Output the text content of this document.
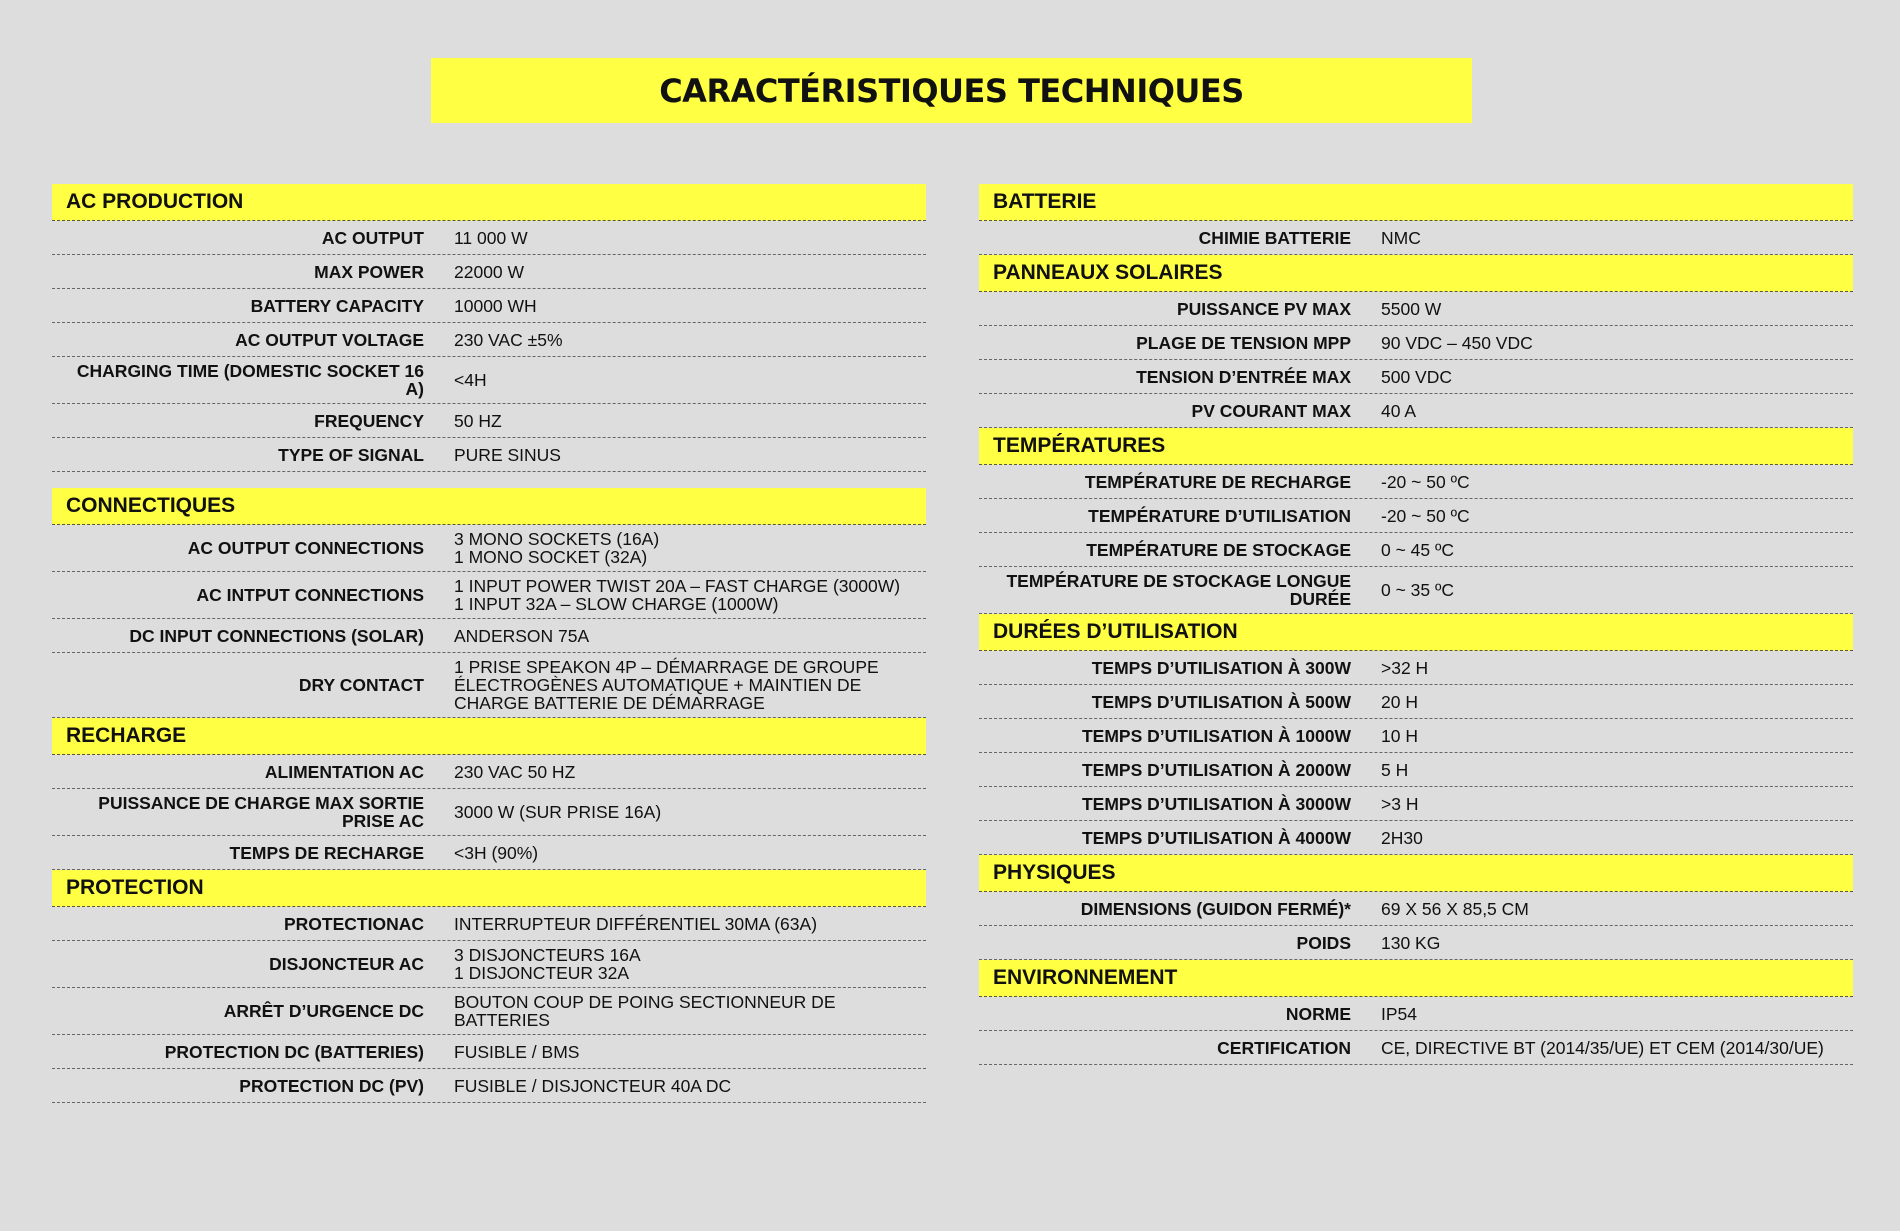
CARACTÉRISTIQUES TECHNIQUES
AC PRODUCTION
AC OUTPUT 11 000 W
MAX POWER 22000 W
BATTERY CAPACITY 10000 WH
AC OUTPUT VOLTAGE 230 VAC ±5%
CHARGING TIME (DOMESTIC SOCKET 16 A) <4H
FREQUENCY 50 HZ
TYPE OF SIGNAL PURE SINUS
CONNECTIQUES
AC OUTPUT CONNECTIONS 3 MONO SOCKETS (16A)
1 MONO SOCKET (32A)
AC INTPUT CONNECTIONS 1 INPUT POWER TWIST 20A – FAST CHARGE (3000W)
1 INPUT 32A – SLOW CHARGE (1000W)
DC INPUT CONNECTIONS (SOLAR) ANDERSON 75A
DRY CONTACT
1 PRISE SPEAKON 4P – DÉMARRAGE DE GROUPE ÉLECTROGÈNES AUTOMATIQUE + MAINTIEN DE CHARGE BATTERIE DE DÉMARRAGE
RECHARGE
ALIMENTATION AC 230 VAC 50 HZ
PUISSANCE DE CHARGE MAX SORTIE PRISE AC 3000 W (SUR PRISE 16A)
TEMPS DE RECHARGE <3H (90%)
PROTECTION
PROTECTIONAC INTERRUPTEUR DIFFÉRENTIEL 30MA (63A)
DISJONCTEUR AC 3 DISJONCTEURS 16A
1 DISJONCTEUR 32A
ARRÊT D’URGENCE DC BOUTON COUP DE POING SECTIONNEUR DE BATTERIES
PROTECTION DC (BATTERIES) FUSIBLE / BMS
PROTECTION DC (PV) FUSIBLE / DISJONCTEUR 40A DC
BATTERIE
CHIMIE BATTERIE NMC
PANNEAUX SOLAIRES
PUISSANCE PV MAX 5500 W
PLAGE DE TENSION MPP 90 VDC – 450 VDC
TENSION D’ENTRÉE MAX 500 VDC
PV COURANT MAX 40 A
TEMPÉRATURES
TEMPÉRATURE DE RECHARGE -20 ~ 50 ºC
TEMPÉRATURE D’UTILISATION -20 ~ 50 ºC
TEMPÉRATURE DE STOCKAGE 0 ~ 45 ºC
TEMPÉRATURE DE STOCKAGE LONGUE DURÉE 0 ~ 35 ºC
DURÉES D’UTILISATION
TEMPS D’UTILISATION À 300W >32 H
TEMPS D’UTILISATION À 500W 20 H
TEMPS D’UTILISATION À 1000W 10 H
TEMPS D’UTILISATION À 2000W 5 H
TEMPS D’UTILISATION À 3000W >3 H
TEMPS D’UTILISATION À 4000W 2H30
PHYSIQUES
DIMENSIONS (GUIDON FERMÉ)* 69 X 56 X 85,5 CM
POIDS 130 KG
ENVIRONNEMENT
NORME IP54
CERTIFICATION CE, DIRECTIVE BT (2014/35/UE) ET CEM (2014/30/UE)
